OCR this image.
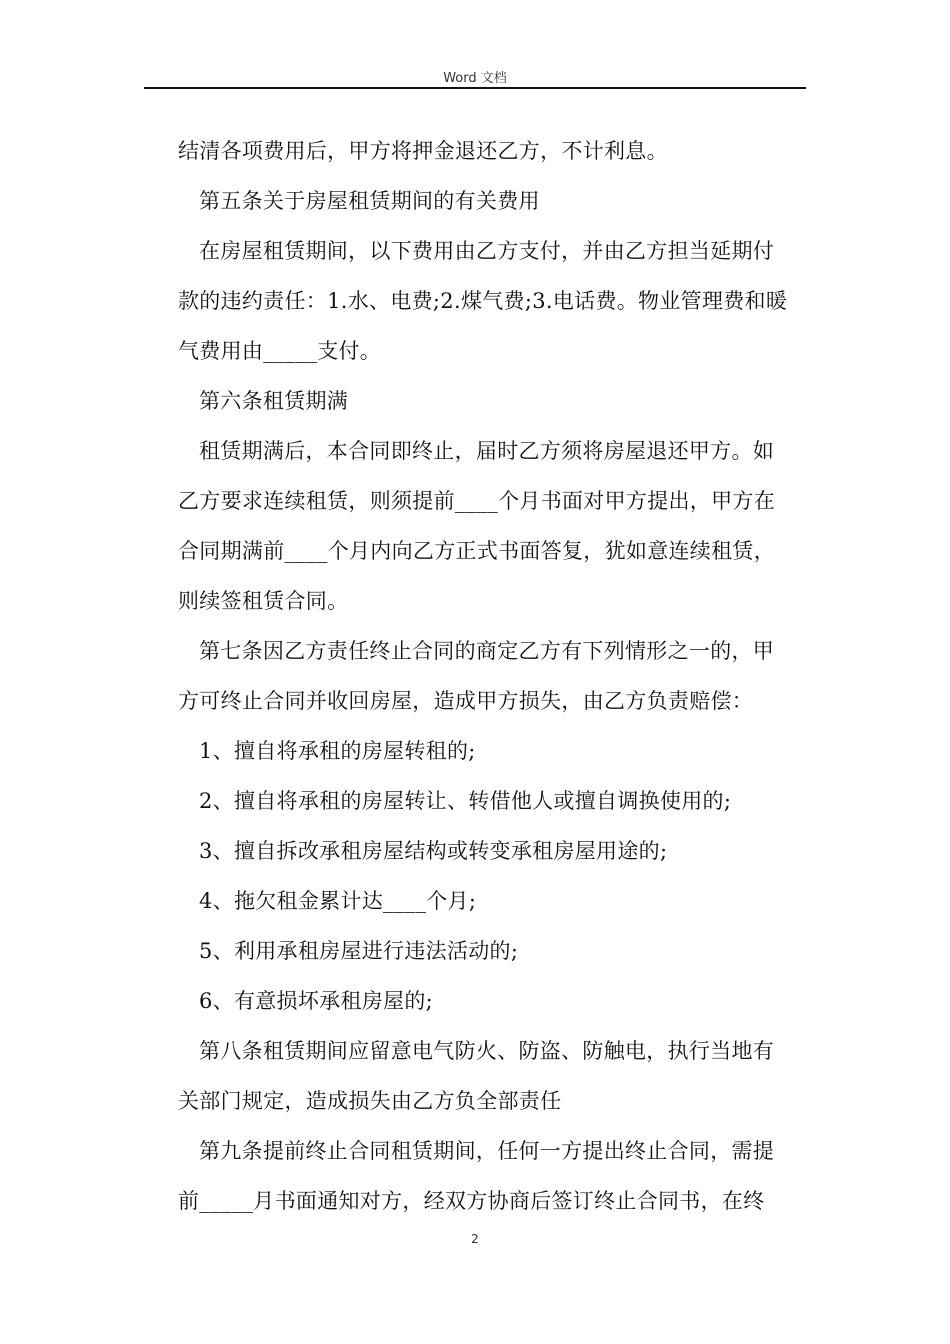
Word 文档

结清各项费用后，甲方将押金退还乙方，不计利息。

第五条关于房屋租赁期间的有关费用

在房屋租赁期间，以下费用由乙方支付，并由乙方担当延期付

款的违约责任：1.水、电费;2.煤气费;3.电话费。物业管理费和暖

气费用由_____支付。

第六条租赁期满

租赁期满后，本合同即终止，届时乙方须将房屋退还甲方。如

乙方要求连续租赁，则须提前____个月书面对甲方提出，甲方在

合同期满前____个月内向乙方正式书面答复，犹如意连续租赁，

则续签租赁合同。

第七条因乙方责任终止合同的商定乙方有下列情形之一的，甲

方可终止合同并收回房屋，造成甲方损失，由乙方负责赔偿：

1、擅自将承租的房屋转租的;

2、擅自将承租的房屋转让、转借他人或擅自调换使用的;

3、擅自拆改承租房屋结构或转变承租房屋用途的;

4、拖欠租金累计达____个月;

5、利用承租房屋进行违法活动的;

6、有意损坏承租房屋的;

第八条租赁期间应留意电气防火、防盗、防触电，执行当地有

关部门规定，造成损失由乙方负全部责任

第九条提前终止合同租赁期间，任何一方提出终止合同，需提

前_____月书面通知对方，经双方协商后签订终止合同书，在终

2
